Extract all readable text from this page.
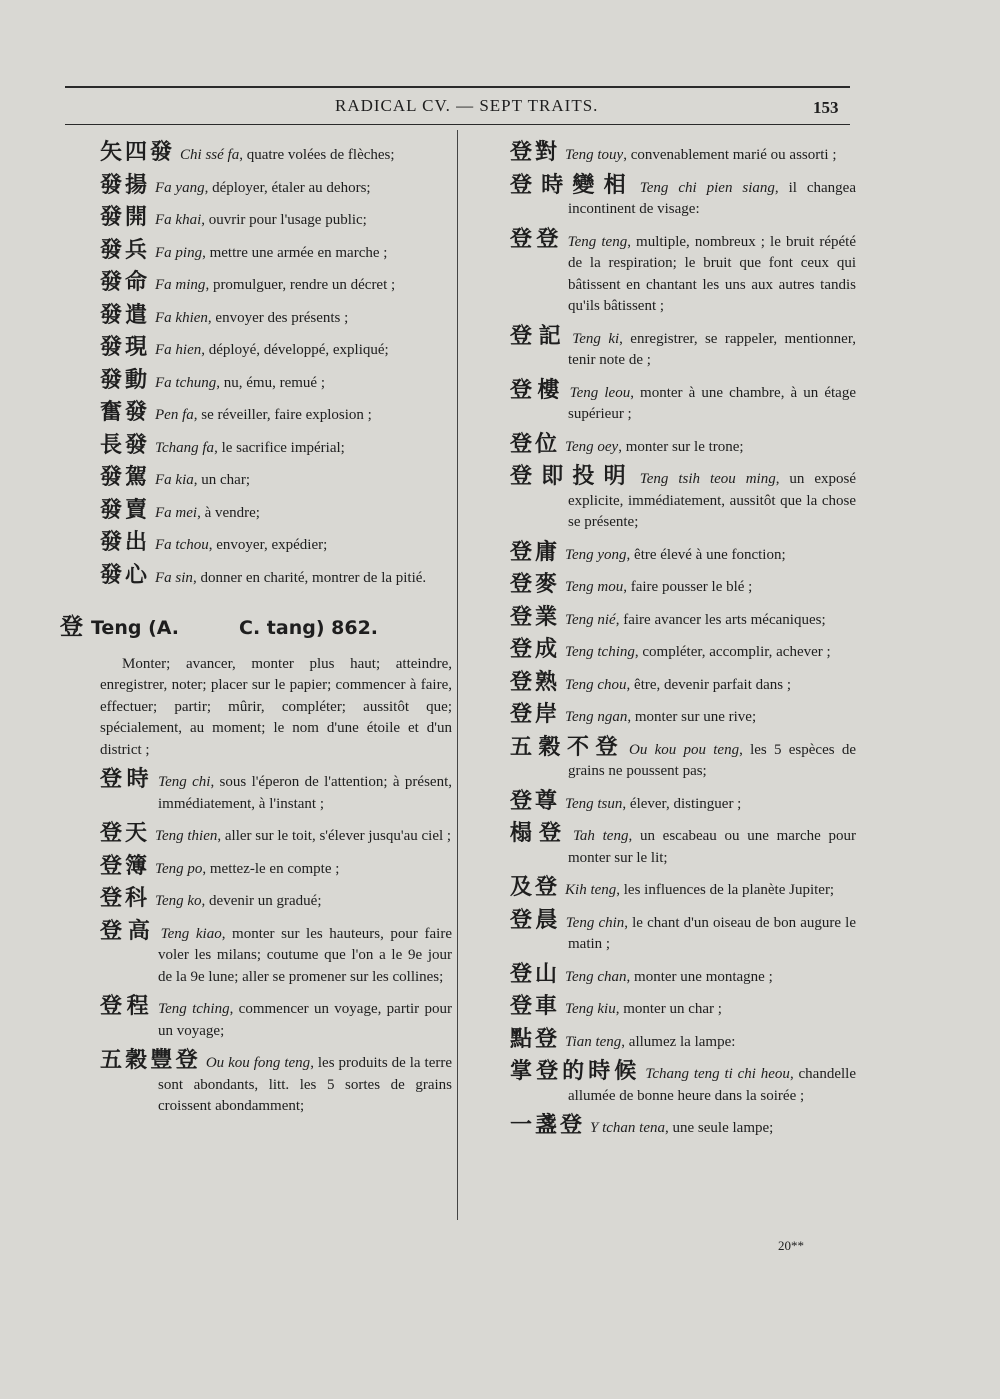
RADICAL CV. — SEPT TRAITS.	153
矢四發 Chi ssé fa, quatre volées de flèches;
發揚 Fa yang, déployer, étaler au dehors;
發開 Fa khai, ouvrir pour l'usage public;
發兵 Fa ping, mettre une armée en marche ;
發命 Fa ming, promulguer, rendre un décret ;
發遣 Fa khien, envoyer des présents ;
發現 Fa hien, déployé, développé, expliqué;
發動 Fa tchung, nu, ému, remué ;
奮發 Pen fa, se réveiller, faire explosion ;
長發 Tchang fa, le sacrifice impérial;
發駕 Fa kia, un char;
發賣 Fa mei, à vendre;
發出 Fa tchou, envoyer, expédier;
發心 Fa sin, donner en charité, montrer de la pitié.
登 Teng (A.	C. tang) 862.
Monter; avancer, monter plus haut; atteindre, enregistrer, noter; placer sur le papier; commencer à faire, effectuer; partir; mûrir, compléter; aussitôt que; spécialement, au moment; le nom d'une étoile et d'un district ;
登時 Teng chi, sous l'éperon de l'attention; à présent, immédiatement, à l'instant ;
登天 Teng thien, aller sur le toit, s'élever jusqu'au ciel ;
登簿 Teng po, mettez-le en compte ;
登科 Teng ko, devenir un gradué;
登高 Teng kiao, monter sur les hauteurs, pour faire voler les milans; coutume que l'on a le 9e jour de la 9e lune; aller se promener sur les collines;
登程 Teng tching, commencer un voyage, partir pour un voyage;
五穀豐登 Ou kou fong teng, les produits de la terre sont abondants, litt. les 5 sortes de grains croissent abondamment;
登對 Teng touy, convenablement marié ou assorti ;
登時變相 Teng chi pien siang, il changea incontinent de visage:
登登 Teng teng, multiple, nombreux ; le bruit répété de la respiration; le bruit que font ceux qui bâtissent en chantant les uns aux autres tandis qu'ils bâtissent ;
登記 Teng ki, enregistrer, se rappeler, mentionner, tenir note de ;
登樓 Teng leou, monter à une chambre, à un étage supérieur ;
登位 Teng oey, monter sur le trone;
登即投明 Teng tsih teou ming, un exposé explicite, immédiatement, aussitôt que la chose se présente;
登庸 Teng yong, être élevé à une fonction;
登麥 Teng mou, faire pousser le blé ;
登業 Teng nié, faire avancer les arts mécaniques;
登成 Teng tching, compléter, accomplir, achever ;
登熟 Teng chou, être, devenir parfait dans ;
登岸 Teng ngan, monter sur une rive;
五穀不登 Ou kou pou teng, les 5 espèces de grains ne poussent pas;
登尊 Teng tsun, élever, distinguer ;
榻登 Tah teng, un escabeau ou une marche pour monter sur le lit;
及登 Kih teng, les influences de la planète Jupiter;
登晨 Teng chin, le chant d'un oiseau de bon augure le matin ;
登山 Teng chan, monter une montagne ;
登車 Teng kiu, monter un char ;
點登 Tian teng, allumez la lampe:
掌登的時候 Tchang teng ti chi heou, chandelle allumée de bonne heure dans la soirée ;
一盞登 Y tchan tena, une seule lampe;
20**
